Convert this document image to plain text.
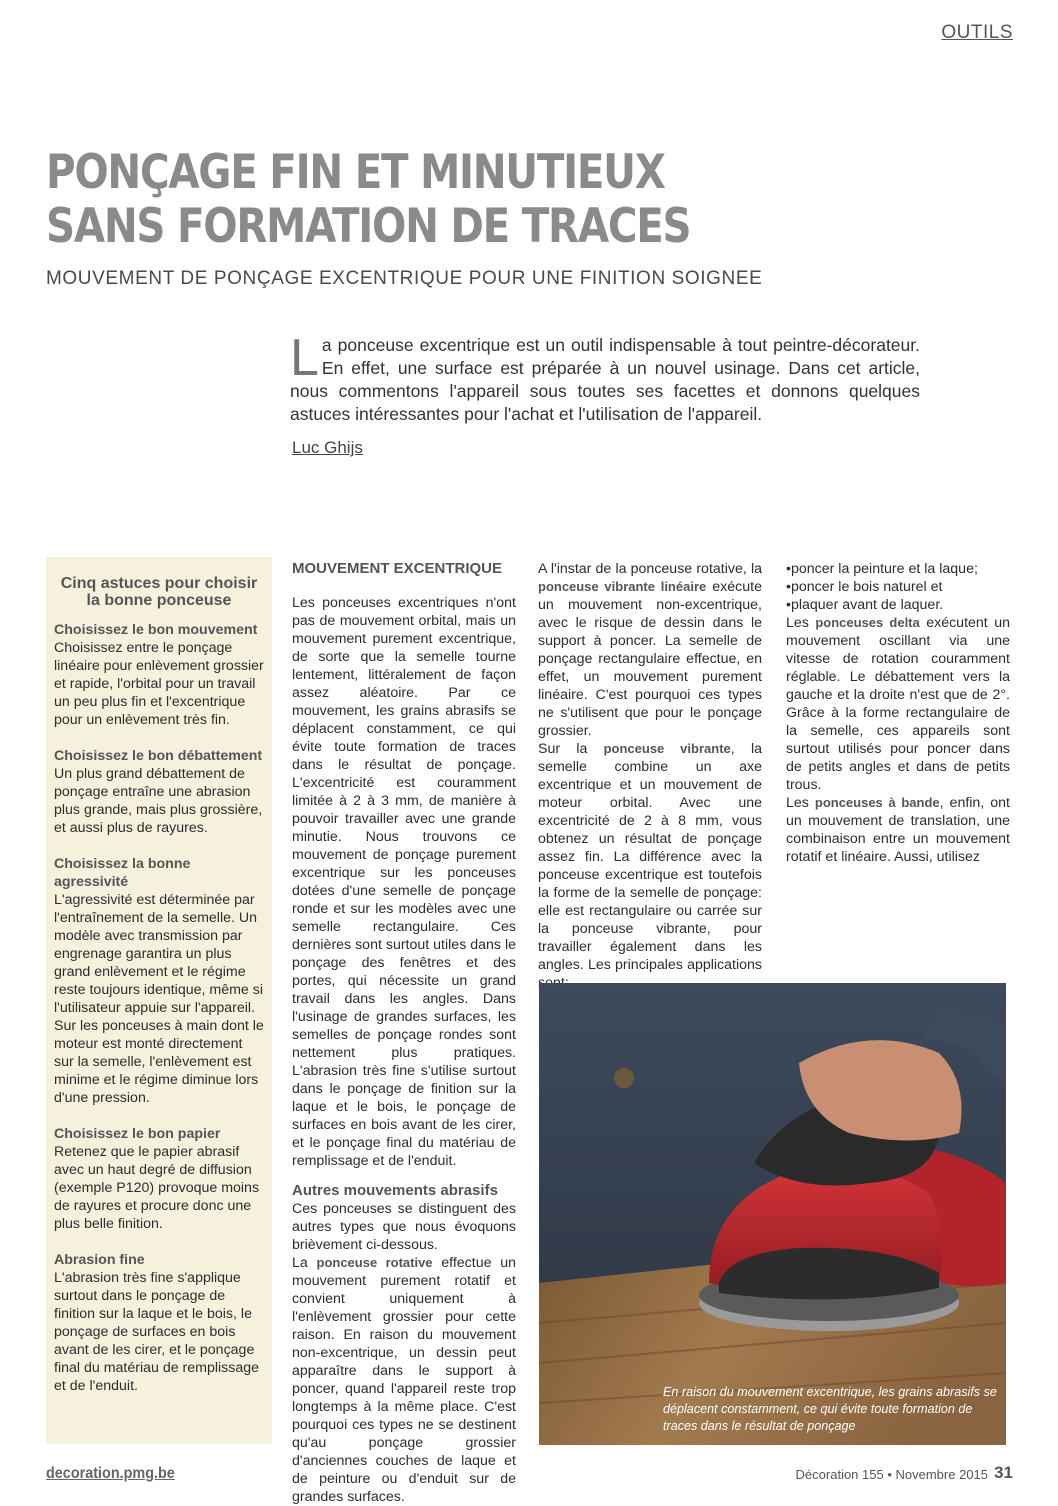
OUTILS
PONÇAGE FIN ET MINUTIEUX
SANS FORMATION DE TRACES
MOUVEMENT DE PONÇAGE EXCENTRIQUE POUR UNE FINITION SOIGNEE
La ponceuse excentrique est un outil indispensable à tout peintre-décorateur. En effet, une surface est préparée à un nouvel usinage. Dans cet article, nous commentons l'appareil sous toutes ses facettes et donnons quelques astuces intéressantes pour l'achat et l'utilisation de l'appareil.
Luc Ghijs
Cinq astuces pour choisir la bonne ponceuse
Choisissez le bon mouvement
Choisissez entre le ponçage linéaire pour enlèvement grossier et rapide, l'orbital pour un travail un peu plus fin et l'excentrique pour un enlèvement très fin.
Choisissez le bon débattement
Un plus grand débattement de ponçage entraîne une abrasion plus grande, mais plus grossière, et aussi plus de rayures.
Choisissez la bonne agressivité
L'agressivité est déterminée par l'entraînement de la semelle. Un modèle avec transmission par engrenage garantira un plus grand enlèvement et le régime reste toujours identique, même si l'utilisateur appuie sur l'appareil. Sur les ponceuses à main dont le moteur est monté directement sur la semelle, l'enlèvement est minime et le régime diminue lors d'une pression.
Choisissez le bon papier
Retenez que le papier abrasif avec un haut degré de diffusion (exemple P120) provoque moins de rayures et procure donc une plus belle finition.
Abrasion fine
L'abrasion très fine s'applique surtout dans le ponçage de finition sur la laque et le bois, le ponçage de surfaces en bois avant de les cirer, et le ponçage final du matériau de remplissage et de l'enduit.
MOUVEMENT EXCENTRIQUE

Les ponceuses excentriques n'ont pas de mouvement orbital, mais un mouvement purement excentrique, de sorte que la semelle tourne lentement, littéralement de façon assez aléatoire. Par ce mouvement, les grains abrasifs se déplacent constamment, ce qui évite toute formation de traces dans le résultat de ponçage. L'excentricité est couramment limitée à 2 à 3 mm, de manière à pouvoir travailler avec une grande minutie. Nous trouvons ce mouvement de ponçage purement excentrique sur les ponceuses dotées d'une semelle de ponçage ronde et sur les modèles avec une semelle rectangulaire. Ces dernières sont surtout utiles dans le ponçage des fenêtres et des portes, qui nécessite un grand travail dans les angles. Dans l'usinage de grandes surfaces, les semelles de ponçage rondes sont nettement plus pratiques. L'abrasion très fine s'utilise surtout dans le ponçage de finition sur la laque et le bois, le ponçage de surfaces en bois avant de les cirer, et le ponçage final du matériau de remplissage et de l'enduit.

Autres mouvements abrasifs

Ces ponceuses se distinguent des autres types que nous évoquons brièvement ci-dessous.

La ponceuse rotative effectue un mouvement purement rotatif et convient uniquement à l'enlèvement grossier pour cette raison. En raison du mouvement non-excentrique, un dessin peut apparaître dans le support à poncer, quand l'appareil reste trop longtemps à la même place. C'est pourquoi ces types ne se destinent qu'au ponçage grossier d'anciennes couches de laque et de peinture ou d'enduit sur de grandes surfaces.

A l'instar de la ponceuse rotative, la ponceuse vibrante linéaire exécute un mouvement non-excentrique, avec le risque de dessin dans le support à poncer. La semelle de ponçage rectangulaire effectue, en effet, un mouvement purement linéaire. C'est pourquoi ces types ne s'utilisent que pour le ponçage grossier.

Sur la ponceuse vibrante, la semelle combine un axe excentrique et un mouvement de moteur orbital. Avec une excentricité de 2 à 8 mm, vous obtenez un résultat de ponçage assez fin. La différence avec la ponceuse excentrique est toutefois la forme de la semelle de ponçage: elle est rectangulaire ou carrée sur la ponceuse vibrante, pour travailler également dans les angles. Les principales applications

•poncer la peinture et la laque;
•poncer le bois naturel et
•plaquer avant de laquer.

Les ponceuses delta exécutent un mouvement oscillant via une vitesse de rotation couramment réglable. Le débattement vers la gauche et la droite n'est que de 2°. Grâce à la forme rectangulaire de la semelle, ces appareils sont surtout utilisés pour poncer dans de petits angles et dans de petits trous.

Les ponceuses à bande, enfin, ont un mouvement de translation, une combinaison entre un mouvement rotatif et linéaire. Aussi, utilisez

En raison du mouvement excentrique, les grains abrasifs se déplacent constamment, ce qui évite toute formation de traces dans le résultat de ponçage
decoration.pmg.be	Décoration 155 • Novembre 2015 31
